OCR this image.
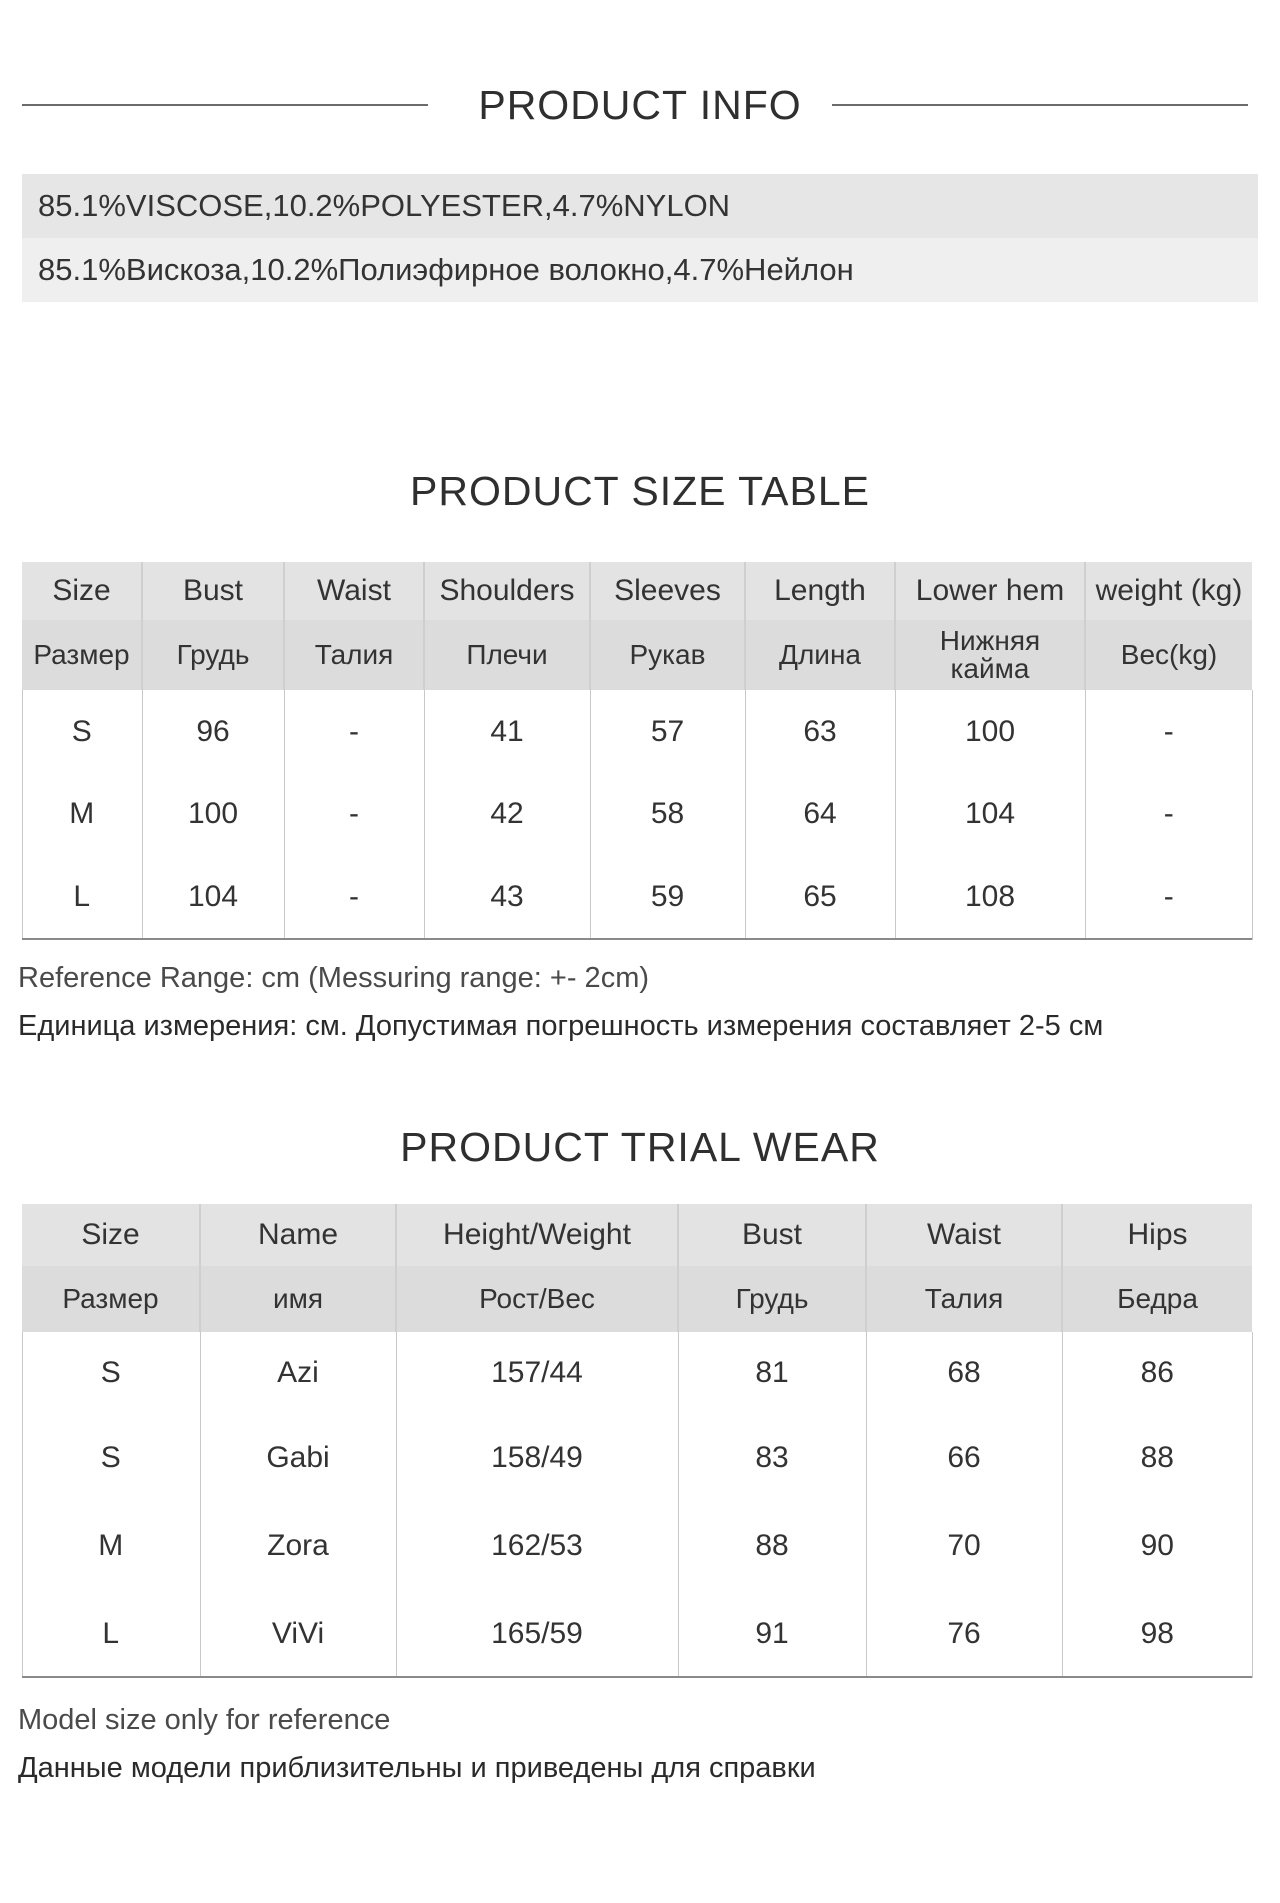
PRODUCT INFO
85.1%VISCOSE,10.2%POLYESTER,4.7%NYLON
85.1%Вискоза,10.2%Полиэфирное волокно,4.7%Нейлон
PRODUCT SIZE TABLE
Size	Bust	Waist	Shoulders	Sleeves	Length	Lower hem	weight (kg)
Размер	Грудь	Талия	Плечи	Рукав	Длина	Нижняя кайма	Вес(kg)
S	96	-	41	57	63	100	-
M	100	-	42	58	64	104	-
L	104	-	43	59	65	108	-
Reference Range: cm (Messuring range: +- 2cm)
Единица измерения: см. Допустимая погрешность измерения составляет 2-5 см
PRODUCT TRIAL WEAR
Size	Name	Height/Weight	Bust	Waist	Hips
Размер	имя	Рост/Вес	Грудь	Талия	Бедра
S	Azi	157/44	81	68	86
S	Gabi	158/49	83	66	88
M	Zora	162/53	88	70	90
L	ViVi	165/59	91	76	98
Model size only for reference
Данные модели приблизительны и приведены для справки
